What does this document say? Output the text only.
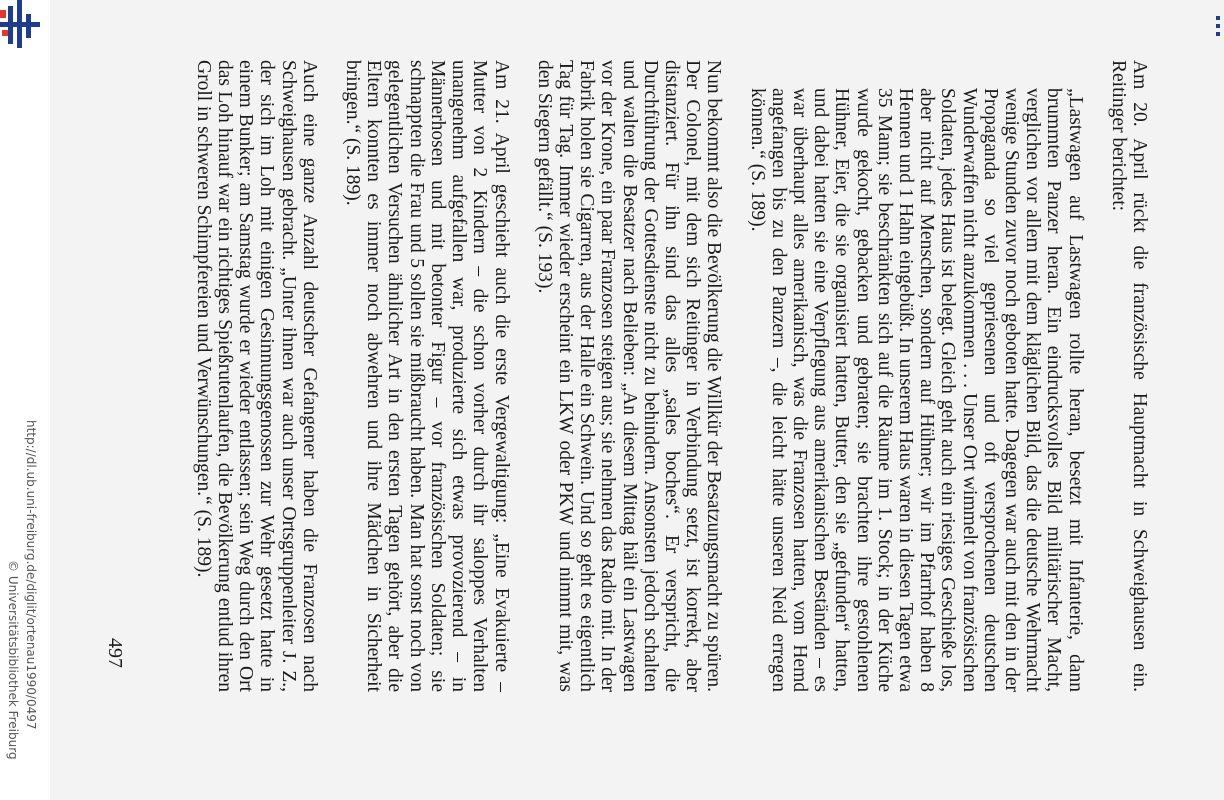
http://dl.ub.uni-freiburg.de/diglit/ortenau1990/0497
© Universitätsbibliothek Freiburg	Am 20. April rückt die französische Hauptmacht in Schweighausen ein. Reitinger berichtet:

„Lastwagen auf Lastwagen rollte heran, besetzt mit Infanterie, dann brummten Panzer heran. Ein eindrucksvolles Bild militärischer Macht, verglichen vor allem mit dem kläglichen Bild, das die deutsche Wehrmacht wenige Stunden zuvor noch geboten hatte. Dagegen war auch mit den in der Propaganda so viel gepriesenen und oft versprochenen deutschen Wunderwaffen nicht anzukommen . . . Unser Ort wimmelt von französischen Soldaten, jedes Haus ist belegt. Gleich geht auch ein riesiges Geschieße los, aber nicht auf Menschen, sondern auf Hühner; wir im Pfarrhof haben 8 Hennen und 1 Hahn eingebüßt. In unserem Haus waren in diesen Tagen etwa 35 Mann; sie beschränkten sich auf die Räume im 1. Stock; in der Küche wurde gekocht, gebacken und gebraten; sie brachten ihre gestohlenen Hühner, Eier, die sie organisiert hatten, Butter, den sie „gefunden“ hatten, und dabei hatten sie eine Verpflegung aus amerikanischen Beständen – es war überhaupt alles amerikanisch, was die Franzosen hatten, vom Hemd angefangen bis zu den Panzern –, die leicht hätte unseren Neid erregen können.“ (S. 189).

Nun bekommt also die Bevölkerung die Willkür der Besatzungsmacht zu spüren. Der Colonel, mit dem sich Reitinger in Verbindung setzt, ist korrekt, aber distanziert. Für ihn sind das alles „sales boches“. Er verspricht, die Durchführung der Gottesdienste nicht zu behindern. Ansonsten jedoch schalten und walten die Besatzer nach Belieben: „An diesem Mittag hält ein Lastwagen vor der Krone, ein paar Franzosen steigen aus; sie nehmen das Radio mit. In der Fabrik holen sie Cigarren, aus der Halle ein Schwein. Und so geht es eigentlich Tag für Tag. Immer wieder erscheint ein LKW oder PKW und nimmt mit, was den Siegern gefällt.“ (S. 193).

Am 21. April geschieht auch die erste Vergewaltigung: „Eine Evakuierte – Mutter von 2 Kindern – die schon vorher durch ihr saloppes Verhalten unangenehm aufgefallen war, produzierte sich etwas provozierend – in Männerhosen und mit betonter Figur – vor französischen Soldaten; sie schnappten die Frau und 5 sollen sie mißbraucht haben. Man hat sonst noch von gelegentlichen Versuchen ähnlicher Art in den ersten Tagen gehört, aber die Eltern konnten es immer noch abwehren und ihre Mädchen in Sicherheit bringen.“ (S. 189).

Auch eine ganze Anzahl deutscher Gefangener haben die Franzosen nach Schweighausen gebracht. „Unter ihnen war auch unser Ortsgruppenleiter J. Z., der sich im Loh mit einigen Gesinnungsgenossen zur Wehr gesetzt hatte in einem Bunker; am Samstag wurde er wieder entlassen; sein Weg durch den Ort das Loh hinauf war ein richtiges Spießrutenlaufen, die Bevölkerung entlud ihren Groll in schweren Schimpfereien und Verwünschungen.“ (S. 189).

497
